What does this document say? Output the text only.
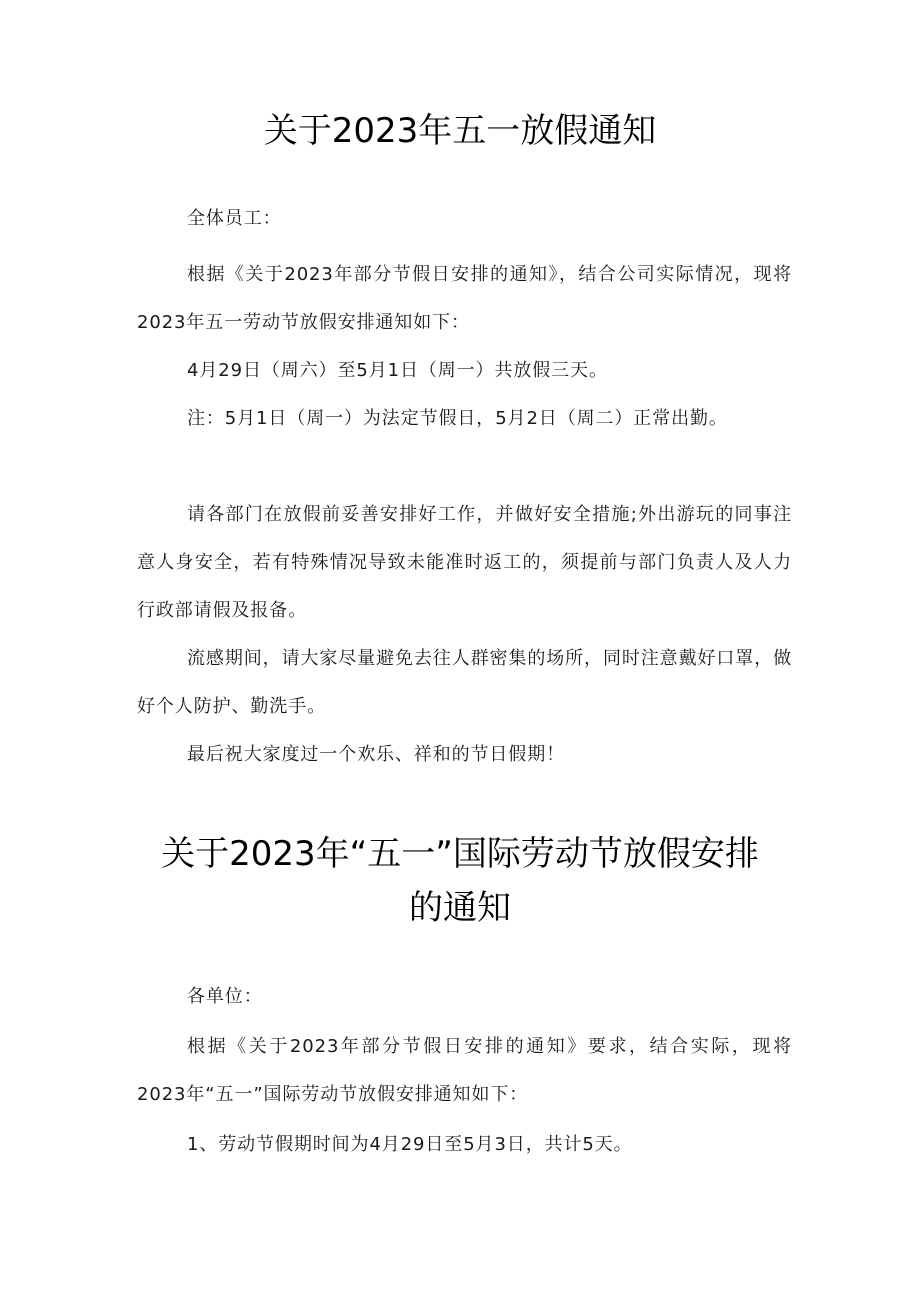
关于2023年五一放假通知

全体员工：

根据《关于2023年部分节假日安排的通知》，结合公司实际情况，现将2023年五一劳动节放假安排通知如下：

4月29日（周六）至5月1日（周一）共放假三天。

注：5月1日（周一）为法定节假日，5月2日（周二）正常出勤。

请各部门在放假前妥善安排好工作，并做好安全措施;外出游玩的同事注意人身安全，若有特殊情况导致未能准时返工的，须提前与部门负责人及人力行政部请假及报备。

流感期间，请大家尽量避免去往人群密集的场所，同时注意戴好口罩，做好个人防护、勤洗手。

最后祝大家度过一个欢乐、祥和的节日假期！

关于2023年“五一”国际劳动节放假安排
的通知

各单位：

根据《关于2023年部分节假日安排的通知》要求，结合实际，现将2023年“五一”国际劳动节放假安排通知如下：

1、劳动节假期时间为4月29日至5月3日，共计5天。
